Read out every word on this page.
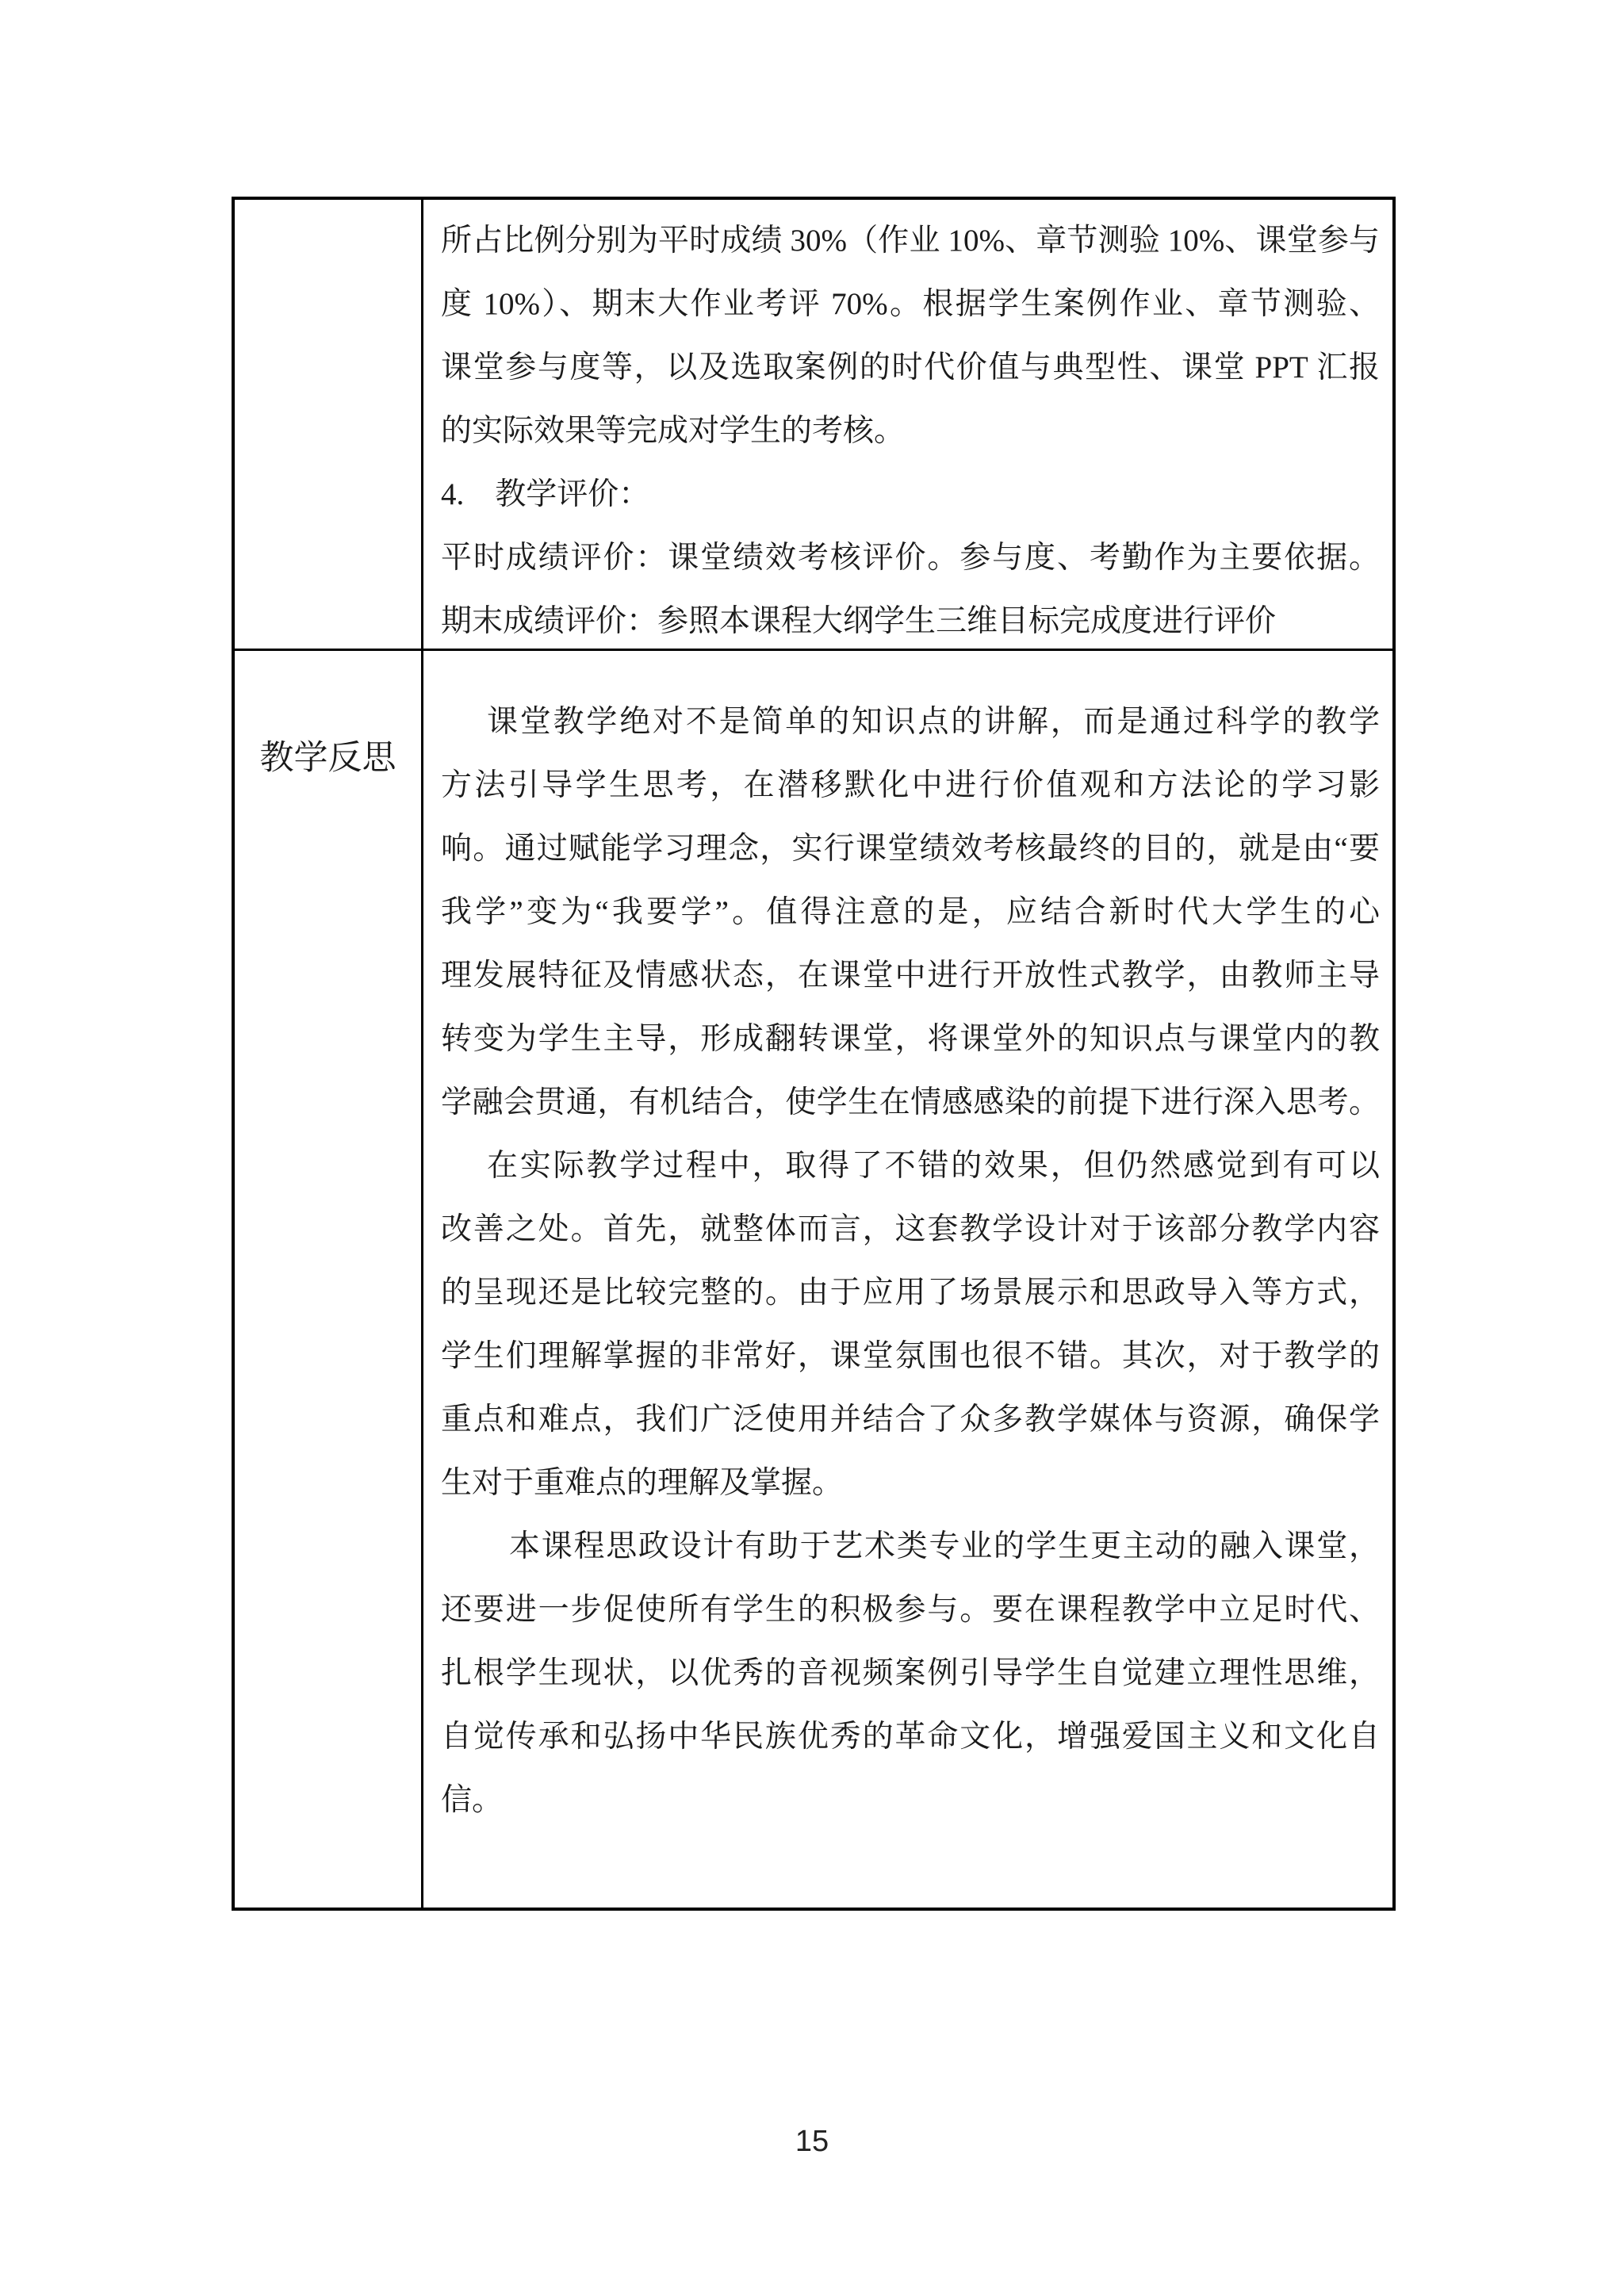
所占比例分别为平时成绩 30%（作业 10%、章节测验 10%、课堂参与
度 10%）、期末大作业考评 70%。根据学生案例作业、章节测验、
课堂参与度等，以及选取案例的时代价值与典型性、课堂 PPT 汇报
的实际效果等完成对学生的考核。
4.　教学评价：
平时成绩评价：课堂绩效考核评价。参与度、考勤作为主要依据。
期末成绩评价：参照本课程大纲学生三维目标完成度进行评价
教学反思
课堂教学绝对不是简单的知识点的讲解，而是通过科学的教学
方法引导学生思考，在潜移默化中进行价值观和方法论的学习影
响。通过赋能学习理念，实行课堂绩效考核最终的目的，就是由“要
我学”变为“我要学”。值得注意的是，应结合新时代大学生的心
理发展特征及情感状态，在课堂中进行开放性式教学，由教师主导
转变为学生主导，形成翻转课堂，将课堂外的知识点与课堂内的教
学融会贯通，有机结合，使学生在情感感染的前提下进行深入思考。
在实际教学过程中，取得了不错的效果，但仍然感觉到有可以
改善之处。首先，就整体而言，这套教学设计对于该部分教学内容
的呈现还是比较完整的。由于应用了场景展示和思政导入等方式，
学生们理解掌握的非常好，课堂氛围也很不错。其次，对于教学的
重点和难点，我们广泛使用并结合了众多教学媒体与资源，确保学
生对于重难点的理解及掌握。
本课程思政设计有助于艺术类专业的学生更主动的融入课堂，
还要进一步促使所有学生的积极参与。要在课程教学中立足时代、
扎根学生现状，以优秀的音视频案例引导学生自觉建立理性思维，
自觉传承和弘扬中华民族优秀的革命文化，增强爱国主义和文化自
信。
15
